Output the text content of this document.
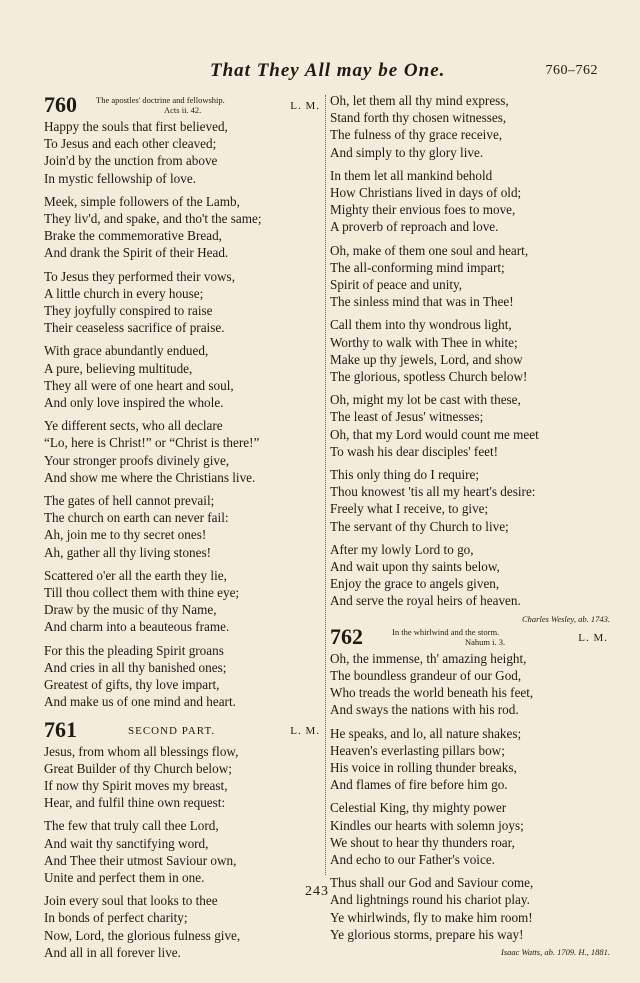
That They All may be One.	760–762
760 The apostles' doctrine and fellowship.
Acts ii. 42.	L. M.
Happy the souls that first believed,
To Jesus and each other cleaved;
Join'd by the unction from above
In mystic fellowship of love.
Meek, simple followers of the Lamb,
They liv'd, and spake, and tho't the same;
Brake the commemorative Bread,
And drank the Spirit of their Head.
To Jesus they performed their vows,
A little church in every house;
They joyfully conspired to raise
Their ceaseless sacrifice of praise.
With grace abundantly endued,
A pure, believing multitude,
They all were of one heart and soul,
And only love inspired the whole.
Ye different sects, who all declare
“Lo, here is Christ!” or “Christ is there!”
Your stronger proofs divinely give,
And show me where the Christians live.
The gates of hell cannot prevail;
The church on earth can never fail:
Ah, join me to thy secret ones!
Ah, gather all thy living stones!
Scattered o'er all the earth they lie,
Till thou collect them with thine eye;
Draw by the music of thy Name,
And charm into a beauteous frame.
For this the pleading Spirit groans
And cries in all thy banished ones;
Greatest of gifts, thy love impart,
And make us of one mind and heart.
761	SECOND PART.	L. M.
Jesus, from whom all blessings flow,
Great Builder of thy Church below;
If now thy Spirit moves my breast,
Hear, and fulfil thine own request:
The few that truly call thee Lord,
And wait thy sanctifying word,
And Thee their utmost Saviour own,
Unite and perfect them in one.
Join every soul that looks to thee
In bonds of perfect charity;
Now, Lord, the glorious fulness give,
And all in all forever live.
Oh, let them all thy mind express,
Stand forth thy chosen witnesses,
The fulness of thy grace receive,
And simply to thy glory live.
In them let all mankind behold
How Christians lived in days of old;
Mighty their envious foes to move,
A proverb of reproach and love.
Oh, make of them one soul and heart,
The all-conforming mind impart;
Spirit of peace and unity,
The sinless mind that was in Thee!
Call them into thy wondrous light,
Worthy to walk with Thee in white;
Make up thy jewels, Lord, and show
The glorious, spotless Church below!
Oh, might my lot be cast with these,
The least of Jesus' witnesses;
Oh, that my Lord would count me meet
To wash his dear disciples' feet!
This only thing do I require;
Thou knowest 'tis all my heart's desire:
Freely what I receive, to give;
The servant of thy Church to live;
After my lowly Lord to go,
And wait upon thy saints below,
Enjoy the grace to angels given,
And serve the royal heirs of heaven.
Charles Wesley, ab. 1743.
762	In the whirlwind and the storm.
Nahum i. 3.	L. M.
Oh, the immense, th' amazing height,
The boundless grandeur of our God,
Who treads the world beneath his feet,
And sways the nations with his rod.
He speaks, and lo, all nature shakes;
Heaven's everlasting pillars bow;
His voice in rolling thunder breaks,
And flames of fire before him go.
Celestial King, thy mighty power
Kindles our hearts with solemn joys;
We shout to hear thy thunders roar,
And echo to our Father's voice.
Thus shall our God and Saviour come,
And lightnings round his chariot play.
Ye whirlwinds, fly to make him room!
Ye glorious storms, prepare his way!
Isaac Watts, ab. 1709. H., 1881.
243
